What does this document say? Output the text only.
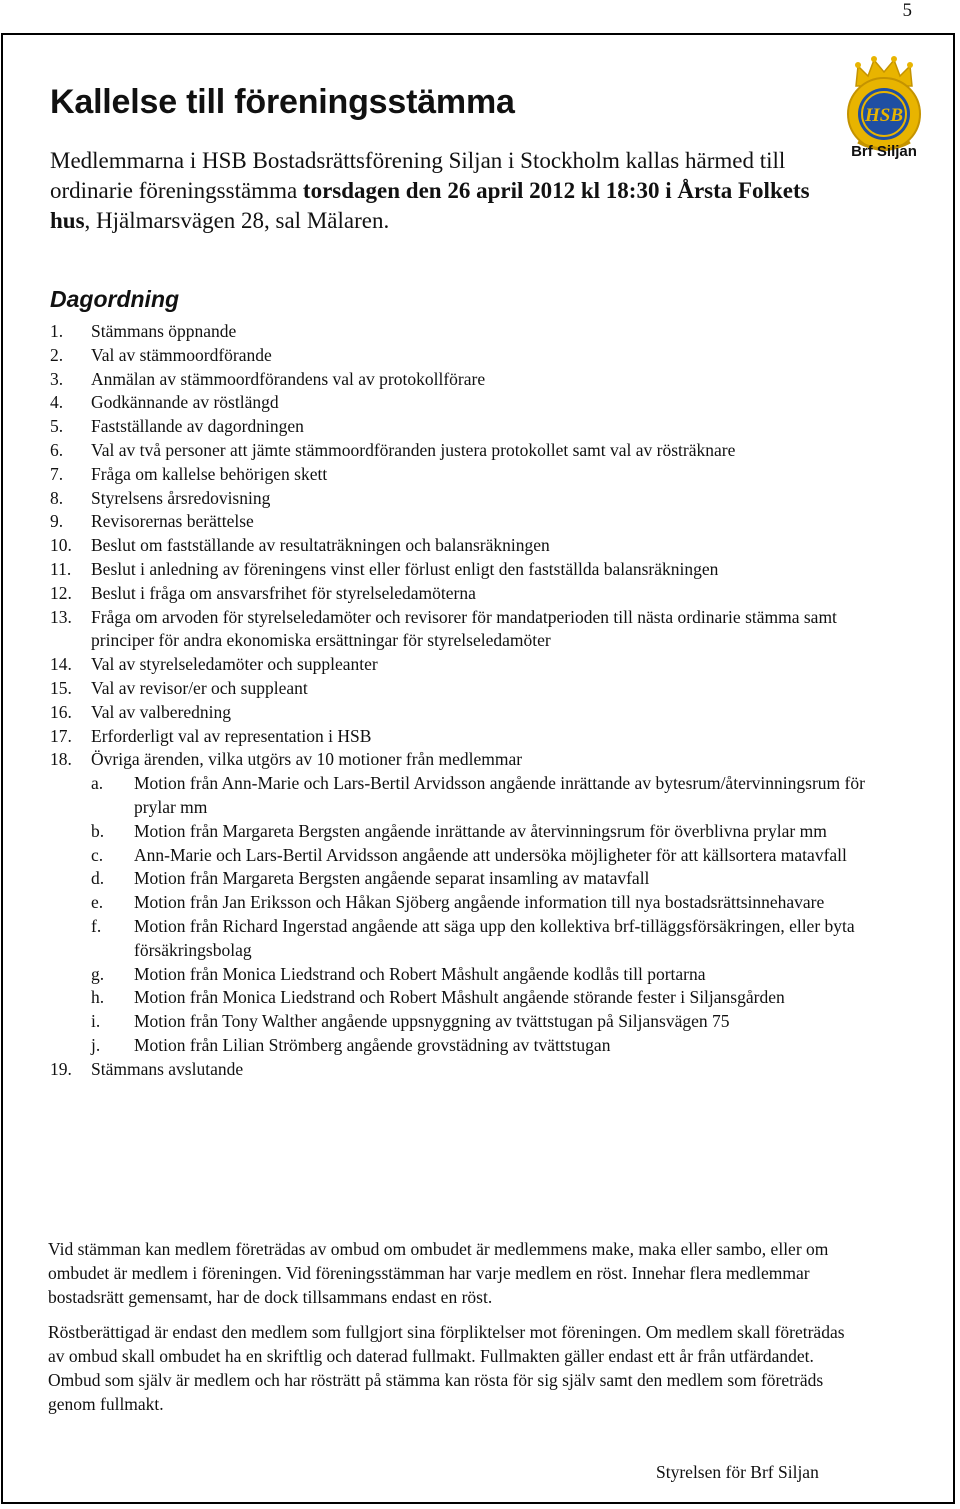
5
Kallelse till föreningsstämma

Medlemmarna i HSB Bostadsrättsförening Siljan i Stockholm kallas härmed till ordinarie föreningsstämma torsdagen den 26 april 2012 kl 18:30 i Årsta Folkets hus, Hjälmarsvägen 28, sal Mälaren.

HSB
Brf Siljan
Dagordning
1. Stämmans öppnande
2. Val av stämmoordförande
3. Anmälan av stämmoordförandens val av protokollförare
4. Godkännande av röstlängd
5. Fastställande av dagordningen
6. Val av två personer att jämte stämmoordföranden justera protokollet samt val av rösträknare
7. Fråga om kallelse behörigen skett
8. Styrelsens årsredovisning
9. Revisorernas berättelse
10. Beslut om fastställande av resultaträkningen och balansräkningen
11. Beslut i anledning av föreningens vinst eller förlust enligt den fastställda balansräkningen
12. Beslut i fråga om ansvarsfrihet för styrelseledamöterna
13. Fråga om arvoden för styrelseledamöter och revisorer för mandatperioden till nästa ordinarie stämma samt principer för andra ekonomiska ersättningar för styrelseledamöter
14. Val av styrelseledamöter och suppleanter
15. Val av revisor/er och suppleant
16. Val av valberedning
17. Erforderligt val av representation i HSB
18. Övriga ärenden, vilka utgörs av 10 motioner från medlemmar
a. Motion från Ann-Marie och Lars-Bertil Arvidsson angående inrättande av bytesrum/återvinningsrum för prylar mm
b. Motion från Margareta Bergsten angående inrättande av återvinningsrum för överblivna prylar mm
c. Ann-Marie och Lars-Bertil Arvidsson angående att undersöka möjligheter för att källsortera matavfall
d. Motion från Margareta Bergsten angående separat insamling av matavfall
e. Motion från Jan Eriksson och Håkan Sjöberg angående information till nya bostadsrättsinnehavare
f. Motion från Richard Ingerstad angående att säga upp den kollektiva brf-tilläggsförsäkringen, eller byta försäkringsbolag
g. Motion från Monica Liedstrand och Robert Måshult angående kodlås till portarna
h. Motion från Monica Liedstrand och Robert Måshult angående störande fester i Siljansgården
i. Motion från Tony Walther angående uppsnyggning av tvättstugan på Siljansvägen 75
j. Motion från Lilian Strömberg angående grovstädning av tvättstugan
19. Stämmans avslutande

Vid stämman kan medlem företrädas av ombud om ombudet är medlemmens make, maka eller sambo, eller om ombudet är medlem i föreningen. Vid föreningsstämman har varje medlem en röst. Innehar flera medlemmar bostadsrätt gemensamt, har de dock tillsammans endast en röst.

Röstberättigad är endast den medlem som fullgjort sina förpliktelser mot föreningen. Om medlem skall företrädas av ombud skall ombudet ha en skriftlig och daterad fullmakt. Fullmakten gäller endast ett år från utfärdandet. Ombud som själv är medlem och har rösträtt på stämma kan rösta för sig själv samt den medlem som företräds genom fullmakt.

Styrelsen för Brf Siljan
